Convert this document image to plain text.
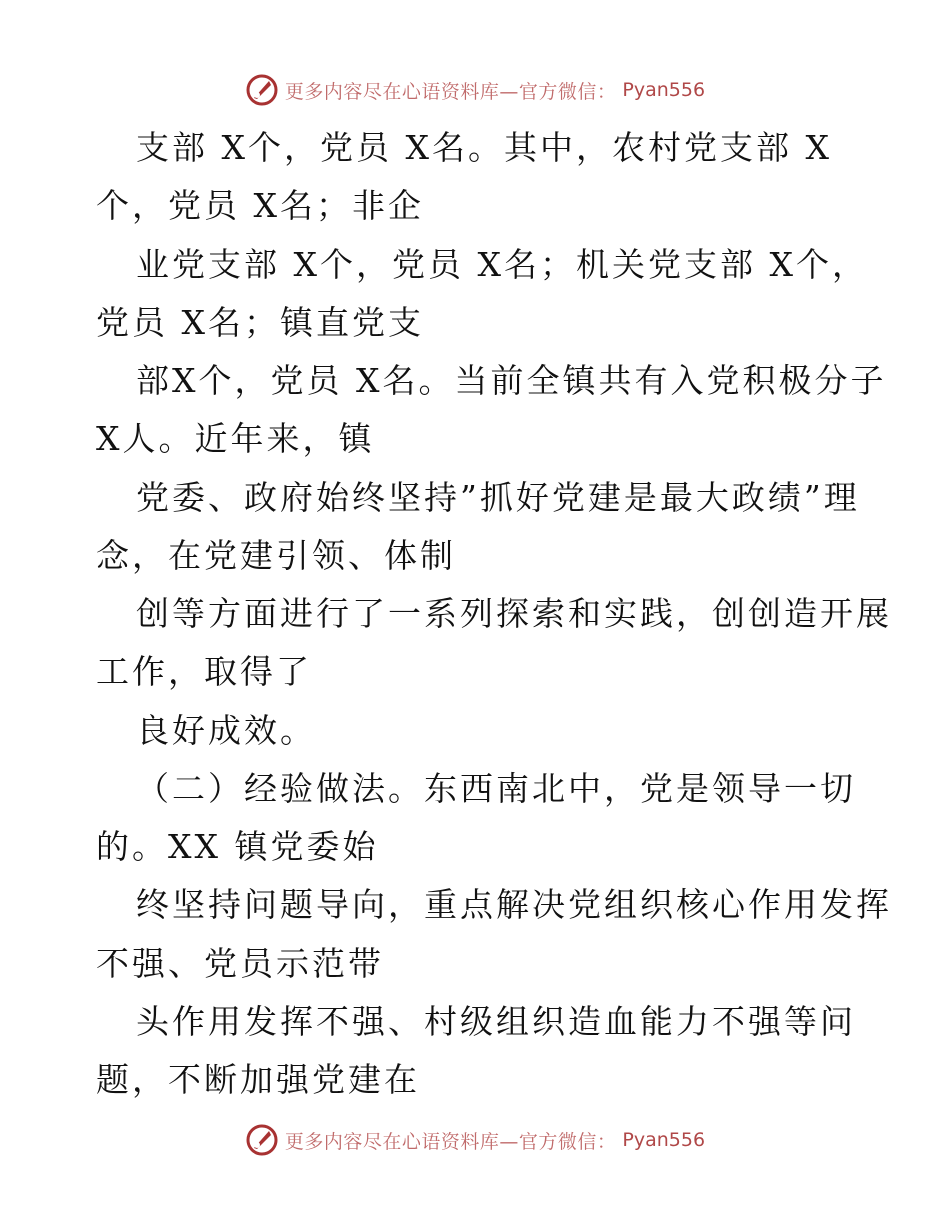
更多内容尽在心语资料库—官方微信： Pyan556
支部 X个，党员 X名。其中，农村党支部 X
个，党员 X名；非企
业党支部 X个，党员 X名；机关党支部 X个，
党员 X名；镇直党支
部X个，党员 X名。当前全镇共有入党积极分子
X人。近年来，镇
党委、政府始终坚持”抓好党建是最大政绩”理
念，在党建引领、体制
创等方面进行了一系列探索和实践，创创造开展
工作，取得了
良好成效。
（二）经验做法。东西南北中，党是领导一切
的。XX 镇党委始
终坚持问题导向，重点解决党组织核心作用发挥
不强、党员示范带
头作用发挥不强、村级组织造血能力不强等问
题，不断加强党建在
更多内容尽在心语资料库—官方微信： Pyan556
